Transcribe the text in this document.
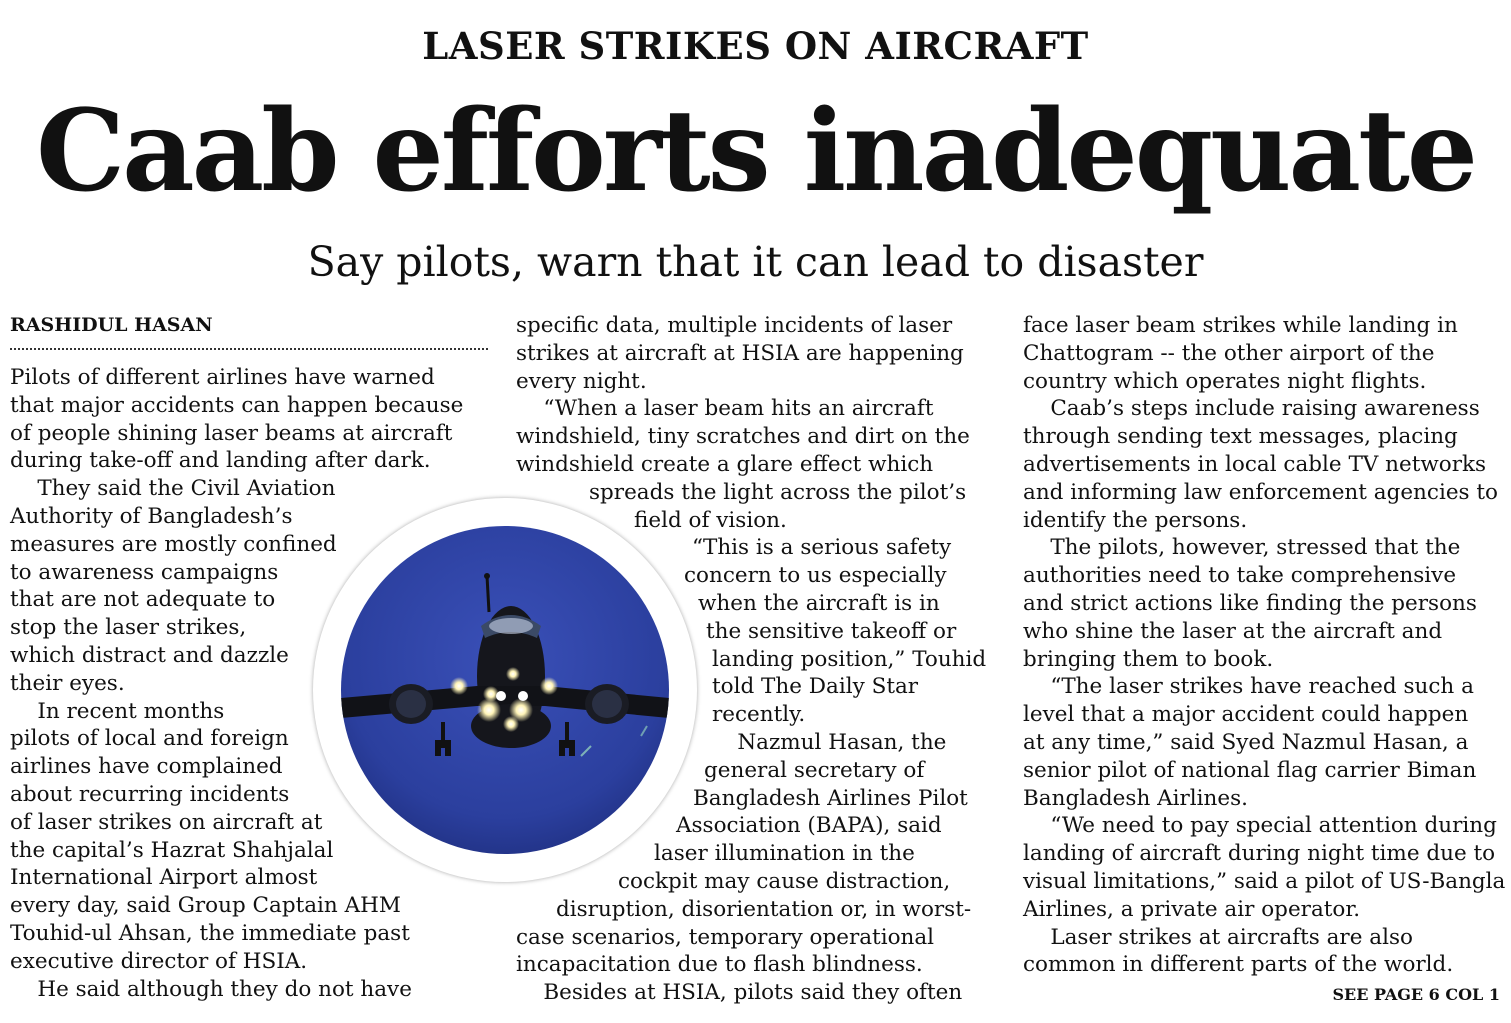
LASER STRIKES ON AIRCRAFT
Caab efforts inadequate
Say pilots, warn that it can lead to disaster
RASHIDUL HASAN
Pilots of different airlines have warned
that major accidents can happen because
of people shining laser beams at aircraft
during take-off and landing after dark.
They said the Civil Aviation
Authority of Bangladesh’s
measures are mostly confined
to awareness campaigns
that are not adequate to
stop the laser strikes,
which distract and dazzle
their eyes.
In recent months
pilots of local and foreign
airlines have complained
about recurring incidents
of laser strikes on aircraft at
the capital’s Hazrat Shahjalal
International Airport almost
every day, said Group Captain AHM
Touhid-ul Ahsan, the immediate past
executive director of HSIA.
He said although they do not have
specific data, multiple incidents of laser
strikes at aircraft at HSIA are happening
every night.
“When a laser beam hits an aircraft
windshield, tiny scratches and dirt on the
windshield create a glare effect which
spreads the light across the pilot’s
field of vision.
“This is a serious safety
concern to us especially
when the aircraft is in
the sensitive takeoff or
landing position,” Touhid
told The Daily Star
recently.
Nazmul Hasan, the
general secretary of
Bangladesh Airlines Pilot
Association (BAPA), said
laser illumination in the
cockpit may cause distraction,
disruption, disorientation or, in worst-
case scenarios, temporary operational
incapacitation due to flash blindness.
Besides at HSIA, pilots said they often
face laser beam strikes while landing in
Chattogram -- the other airport of the
country which operates night flights.
Caab’s steps include raising awareness
through sending text messages, placing
advertisements in local cable TV networks
and informing law enforcement agencies to
identify the persons.
The pilots, however, stressed that the
authorities need to take comprehensive
and strict actions like finding the persons
who shine the laser at the aircraft and
bringing them to book.
“The laser strikes have reached such a
level that a major accident could happen
at any time,” said Syed Nazmul Hasan, a
senior pilot of national flag carrier Biman
Bangladesh Airlines.
“We need to pay special attention during
landing of aircraft during night time due to
visual limitations,” said a pilot of US-Bangla
Airlines, a private air operator.
Laser strikes at aircrafts are also
common in different parts of the world.
SEE PAGE 6 COL 1
